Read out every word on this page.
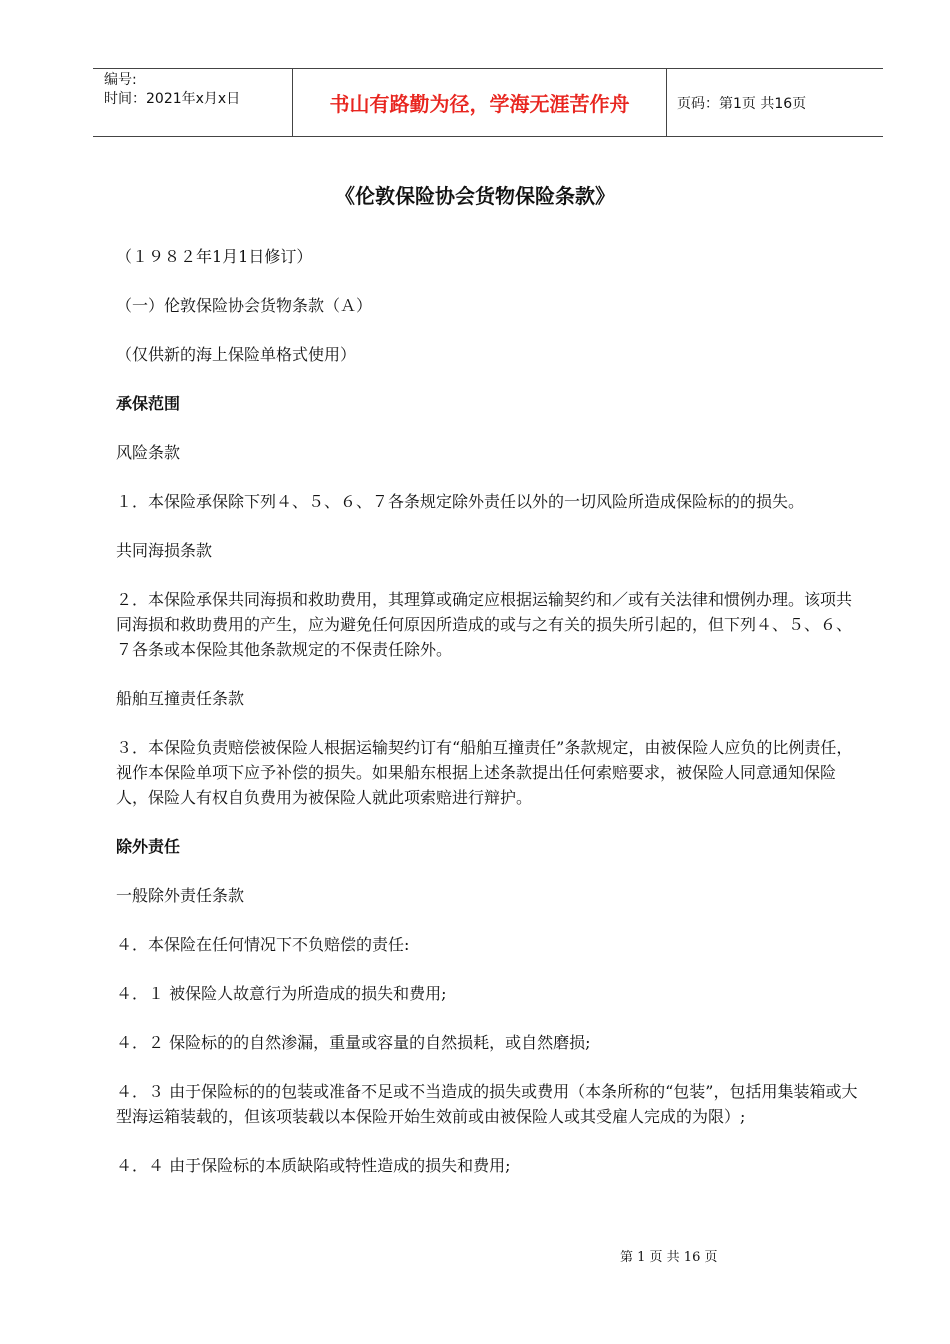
编号:
时间：2021年x月x日	书山有路勤为径，学海无涯苦作舟	页码：第1页 共16页
《伦敦保险协会货物保险条款》
（１９８２年1月1日修订）
（一）伦敦保险协会货物条款（Ａ）
（仅供新的海上保险单格式使用）
承保范围
风险条款
１．本保险承保除下列４、５、６、７各条规定除外责任以外的一切风险所造成保险标的的损失。
共同海损条款
２．本保险承保共同海损和救助费用，其理算或确定应根据运输契约和／或有关法律和惯例办理。该项共同海损和救助费用的产生，应为避免任何原因所造成的或与之有关的损失所引起的，但下列４、５、６、７各条或本保险其他条款规定的不保责任除外。
船舶互撞责任条款
３．本保险负责赔偿被保险人根据运输契约订有“船舶互撞责任”条款规定，由被保险人应负的比例责任，视作本保险单项下应予补偿的损失。如果船东根据上述条款提出任何索赔要求，被保险人同意通知保险人，保险人有权自负费用为被保险人就此项索赔进行辩护。
除外责任
一般除外责任条款
４．本保险在任何情况下不负赔偿的责任:
４．１ 被保险人故意行为所造成的损失和费用;
４．２ 保险标的的自然渗漏，重量或容量的自然损耗，或自然磨损;
４．３ 由于保险标的的包装或准备不足或不当造成的损失或费用（本条所称的“包装”，包括用集装箱或大型海运箱装载的，但该项装载以本保险开始生效前或由被保险人或其受雇人完成的为限）;
４．４ 由于保险标的本质缺陷或特性造成的损失和费用;
第 1 页 共 16 页
